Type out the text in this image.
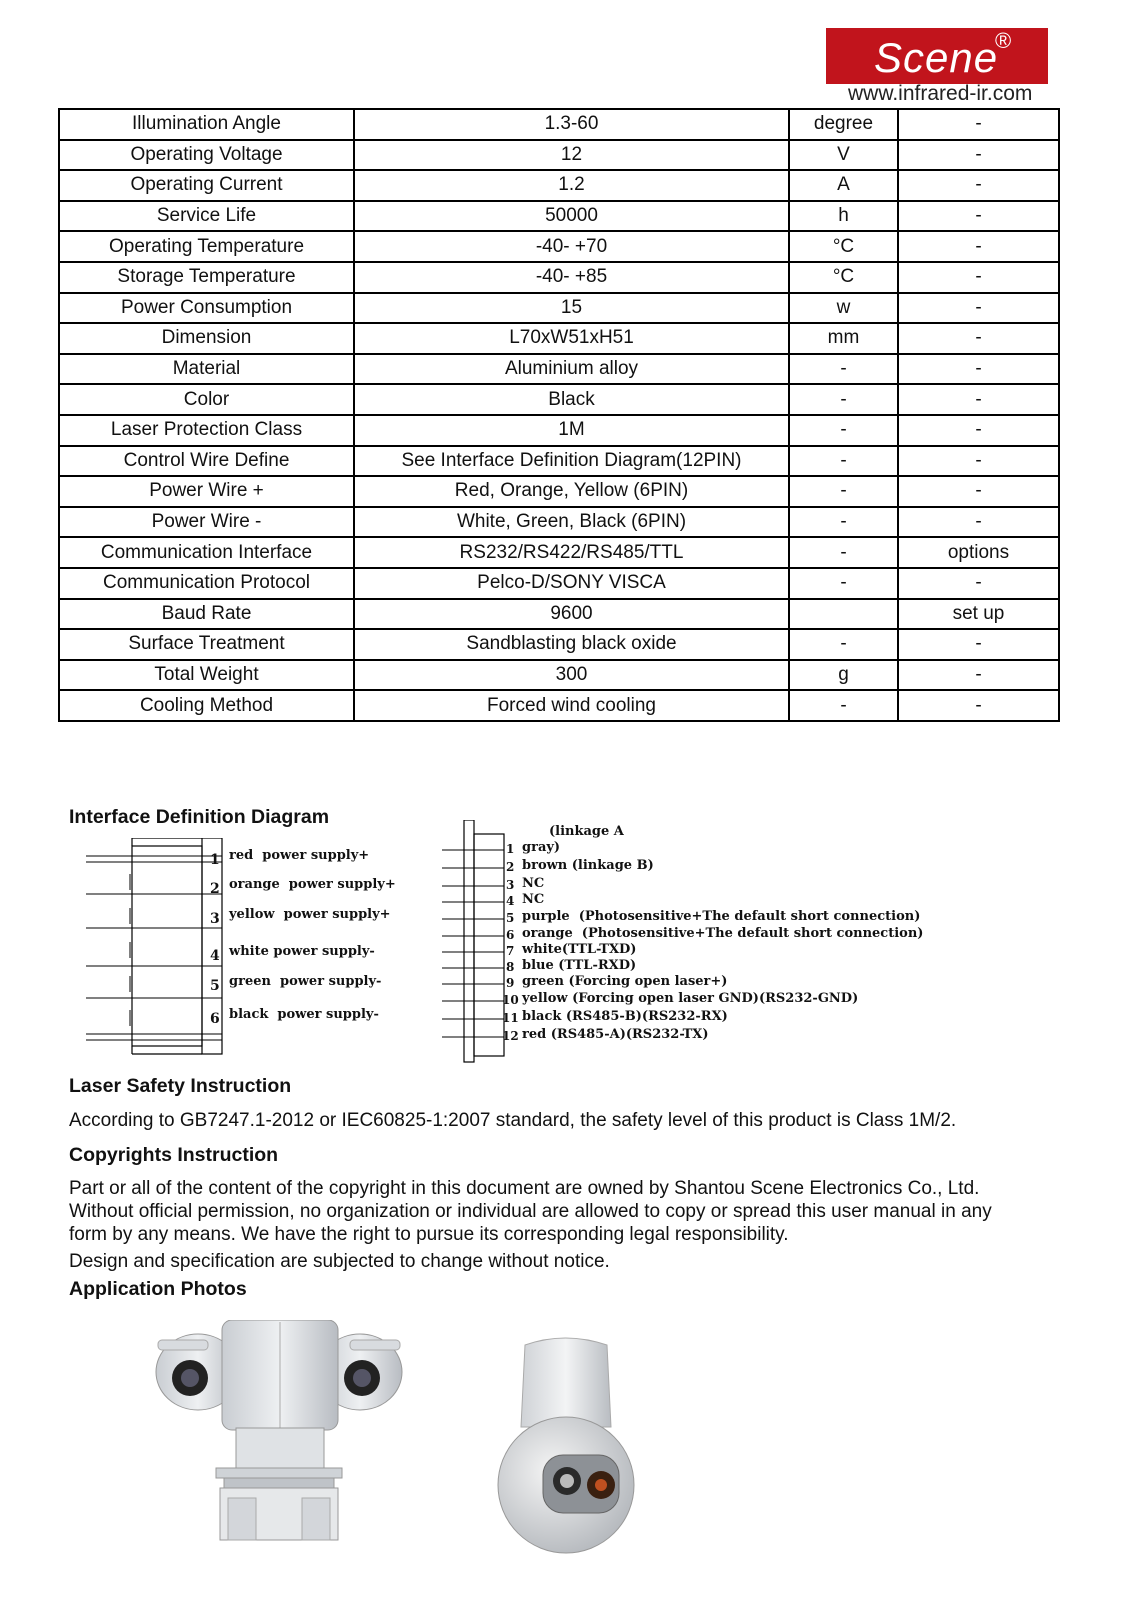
Scene
®
www.infrared-ir.com
Illumination Angle	1.3-60	degree	-
Operating Voltage	12	V	-
Operating Current	1.2	A	-
Service Life	50000	h	-
Operating Temperature	-40- +70	°C	-
Storage Temperature	-40- +85	°C	-
Power Consumption	15	w	-
Dimension	L70xW51xH51	mm	-
Material	Aluminium alloy	-	-
Color	Black	-	-
Laser Protection Class	1M	-	-
Control Wire Define	See Interface Definition Diagram(12PIN)	-	-
Power Wire +	Red, Orange, Yellow (6PIN)	-	-
Power Wire -	White, Green, Black (6PIN)	-	-
Communication Interface	RS232/RS422/RS485/TTL	-	options
Communication Protocol	Pelco-D/SONY VISCA	-	-
Baud Rate	9600		set up
Surface Treatment	Sandblasting black oxide	-	-
Total Weight	300	g	-
Cooling Method	Forced wind cooling	-	-
Interface Definition Diagram
1 red  power supply+
2 orange  power supply+
3 yellow  power supply+
4 white power supply-
5 green  power supply-
6 black  power supply-
1 gray)
2 brown (linkage B)
3 NC
4 NC
5 purple  (Photosensitive+The default short connection)
6 orange  (Photosensitive+The default short connection)
7 white(TTL-TXD)
8 blue (TTL-RXD)
9 green (Forcing open laser+)
10 yellow (Forcing open laser GND)(RS232-GND)
11 black (RS485-B)(RS232-RX)
12 red (RS485-A)(RS232-TX)
(linkage A
Laser Safety Instruction

According to GB7247.1-2012 or IEC60825-1:2007 standard, the safety level of this product is Class 1M/2.

Copyrights Instruction

Part or all of the content of the copyright in this document are owned by Shantou Scene Electronics Co., Ltd.

Without official permission, no organization or individual are allowed to copy or spread this user manual in any

form by any means. We have the right to pursue its corresponding legal responsibility.

Design and specification are subjected to change without notice.

Application Photos
